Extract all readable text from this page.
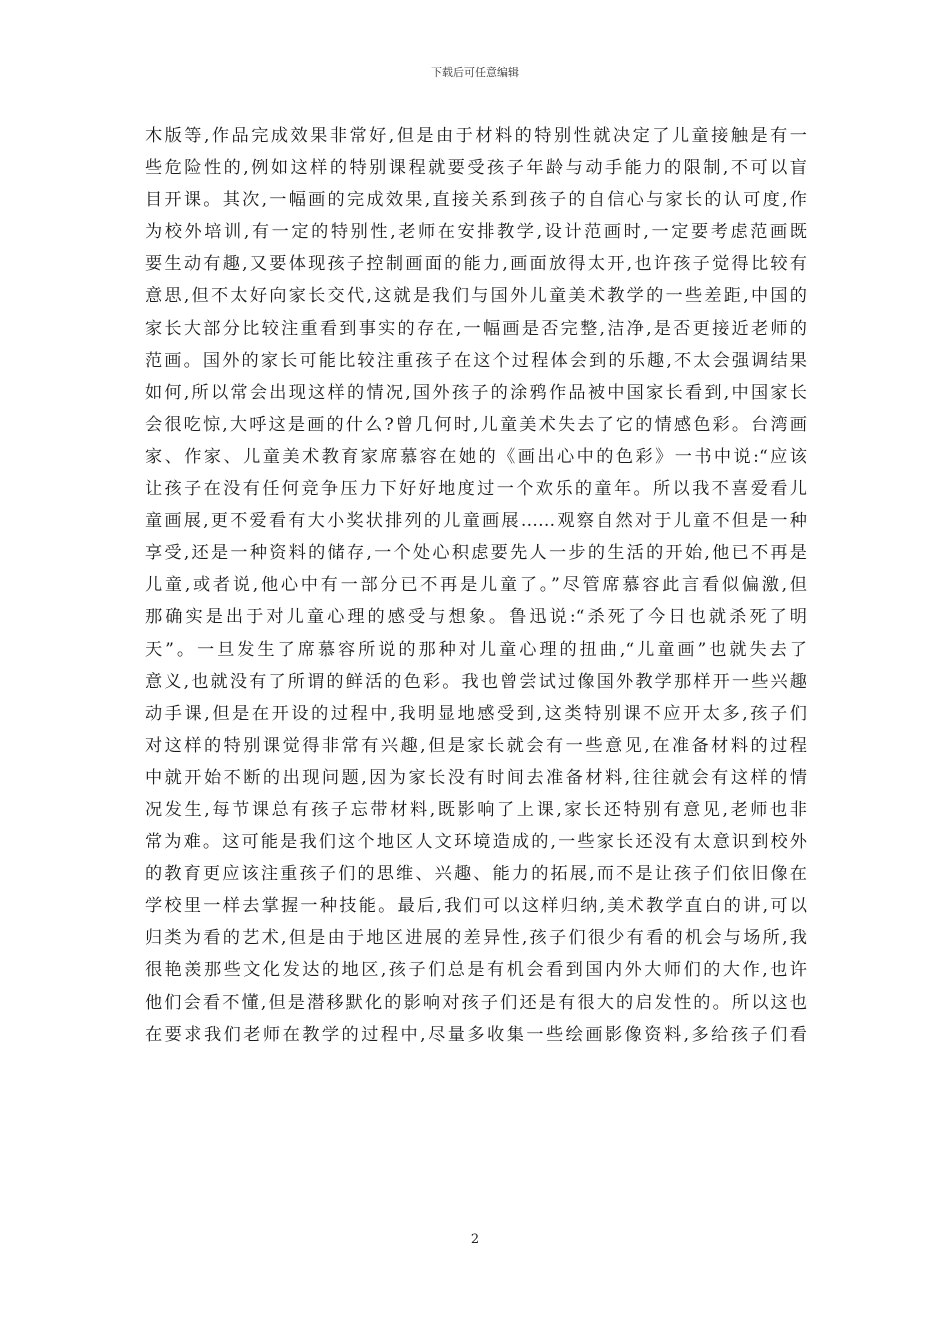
下载后可任意编辑
木版等,作品完成效果非常好,但是由于材料的特别性就决定了儿童接触是有一
些危险性的,例如这样的特别课程就要受孩子年龄与动手能力的限制,不可以盲
目开课。其次,一幅画的完成效果,直接关系到孩子的自信心与家长的认可度,作
为校外培训,有一定的特别性,老师在安排教学,设计范画时,一定要考虑范画既
要生动有趣,又要体现孩子控制画面的能力,画面放得太开,也许孩子觉得比较有
意思,但不太好向家长交代,这就是我们与国外儿童美术教学的一些差距,中国的
家长大部分比较注重看到事实的存在,一幅画是否完整,洁净,是否更接近老师的
范画。国外的家长可能比较注重孩子在这个过程体会到的乐趣,不太会强调结果
如何,所以常会出现这样的情况,国外孩子的涂鸦作品被中国家长看到,中国家长
会很吃惊,大呼这是画的什么?曾几何时,儿童美术失去了它的情感色彩。台湾画
家、作家、儿童美术教育家席慕容在她的《画出心中的色彩》一书中说:“应该
让孩子在没有任何竞争压力下好好地度过一个欢乐的童年。所以我不喜爱看儿
童画展,更不爱看有大小奖状排列的儿童画展……观察自然对于儿童不但是一种
享受,还是一种资料的储存,一个处心积虑要先人一步的生活的开始,他已不再是
儿童,或者说,他心中有一部分已不再是儿童了。”尽管席慕容此言看似偏激,但
那确实是出于对儿童心理的感受与想象。鲁迅说:“杀死了今日也就杀死了明
天”。一旦发生了席慕容所说的那种对儿童心理的扭曲,“儿童画”也就失去了
意义,也就没有了所谓的鲜活的色彩。我也曾尝试过像国外教学那样开一些兴趣
动手课,但是在开设的过程中,我明显地感受到,这类特别课不应开太多,孩子们
对这样的特别课觉得非常有兴趣,但是家长就会有一些意见,在准备材料的过程
中就开始不断的出现问题,因为家长没有时间去准备材料,往往就会有这样的情
况发生,每节课总有孩子忘带材料,既影响了上课,家长还特别有意见,老师也非
常为难。这可能是我们这个地区人文环境造成的,一些家长还没有太意识到校外
的教育更应该注重孩子们的思维、兴趣、能力的拓展,而不是让孩子们依旧像在
学校里一样去掌握一种技能。最后,我们可以这样归纳,美术教学直白的讲,可以
归类为看的艺术,但是由于地区进展的差异性,孩子们很少有看的机会与场所,我
很艳羡那些文化发达的地区,孩子们总是有机会看到国内外大师们的大作,也许
他们会看不懂,但是潜移默化的影响对孩子们还是有很大的启发性的。所以这也
在要求我们老师在教学的过程中,尽量多收集一些绘画影像资料,多给孩子们看
2
